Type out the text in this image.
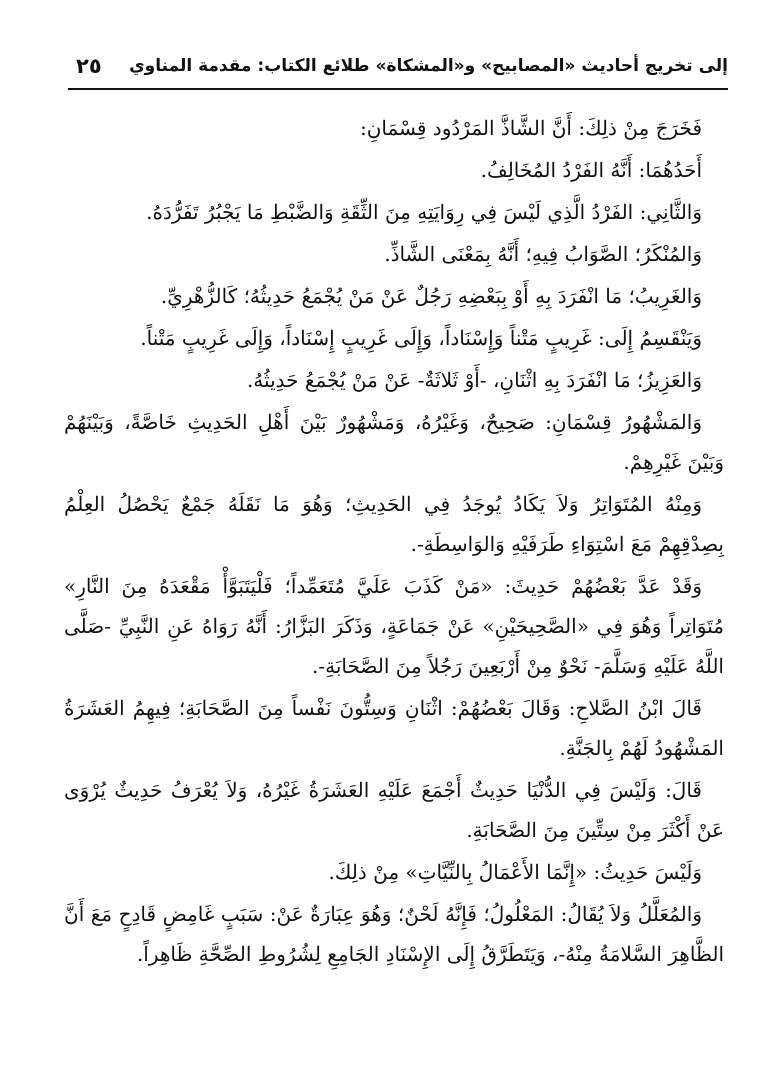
إلى تخريج أحاديث «المصابيح» و«المشكاة» طلائع الكتاب: مقدمة المناوي
٢٥

فَخَرَجَ مِنْ ذلِكَ: أَنَّ الشَّاذَّ المَرْدُود قِسْمَانِ:

أَحَدُهُمَا: أَنَّهُ الفَرْدُ المُخَالِفُ.

وَالثَّانِي: الفَرْدُ الَّذِي لَيْسَ فِي رِوَايَتِهِ مِنَ الثِّقَةِ وَالضَّبْطِ مَا يَجْبُرُ تَفَرُّدَهُ.

وَالمُنْكَرُ؛ الصَّوَابُ فِيهِ؛ أَنَّهُ بِمَعْنَى الشَّاذِّ.

وَالغَرِيبُ؛ مَا انْفَرَدَ بِهِ أَوْ بِبَعْضِهِ رَجُلٌ عَنْ مَنْ يُجْمَعُ حَدِيثُهُ؛ كَالزُّهْرِيِّ.

وَيَنْقَسِمُ إِلَى: غَرِيبٍ مَتْناً وَإِسْنَاداً، وَإِلَى غَرِيبٍ إِسْنَاداً، وَإِلَى غَرِيبٍ مَتْناً.

وَالعَزِيزُ؛ مَا انْفَرَدَ بِهِ اثْنَانِ، -أَوْ ثَلاثَةٌ- عَنْ مَنْ يُجْمَعُ حَدِيثُهُ.

وَالمَشْهُورُ قِسْمَانِ: صَحِيحٌ، وَغَيْرُهُ، وَمَشْهُورٌ بَيْنَ أَهْلِ الحَدِيثِ خَاصَّةً، وَبَيْنَهُمْ وَبَيْنَ غَيْرِهِمْ.

وَمِنْهُ المُتَوَاتِرُ وَلاَ يَكَادُ يُوجَدُ فِي الحَدِيثِ؛ وَهُوَ مَا نَقَلَهُ جَمْعٌ يَحْصُلُ العِلْمُ بِصِدْقِهِمْ مَعَ اسْتِوَاءِ طَرَفَيْهِ وَالوَاسِطَةِ-.

وَقَدْ عَدَّ بَعْضُهُمْ حَدِيثَ: «مَنْ كَذَبَ عَلَيَّ مُتَعَمِّداً؛ فَلْيَتَبَوَّأْ مَقْعَدَهُ مِنَ النَّارِ» مُتَوَاتِراً وَهُوَ فِي «الصَّحِيحَيْنِ» عَنْ جَمَاعَةٍ، وَذَكَرَ البَزَّارُ: أَنَّهُ رَوَاهُ عَنِ النَّبِيِّ -صَلَّى اللَّهُ عَلَيْهِ وَسَلَّمَ- نَحْوٌ مِنْ أَرْبَعِينَ رَجُلاً مِنَ الصَّحَابَةِ-.

قَالَ ابْنُ الصَّلاحِ: وَقَالَ بَعْضُهُمْ: اثْنَانِ وَسِتُّونَ نَفْساً مِنَ الصَّحَابَةِ؛ فِيهِمُ العَشَرَةُ المَشْهُودُ لَهُمْ بِالجَنَّةِ.

قَالَ: وَلَيْسَ فِي الدُّنْيَا حَدِيثٌ أَجْمَعَ عَلَيْهِ العَشَرَةُ غَيْرُهُ، وَلاَ يُعْرَفُ حَدِيثٌ يُرْوَى عَنْ أَكْثَرَ مِنْ سِتِّينَ مِنَ الصَّحَابَةِ.

وَلَيْسَ حَدِيثُ: «إِنَّمَا الأَعْمَالُ بِالنِّيَّاتِ» مِنْ ذلِكَ.

وَالمُعَلَّلُ وَلاَ يُقَالُ: المَعْلُولُ؛ فَإِنَّهُ لَحْنٌ؛ وَهُوَ عِبَارَةٌ عَنْ: سَبَبٍ غَامِضٍ قَادِحٍ مَعَ أَنَّ الظَّاهِرَ السَّلامَةُ مِنْهُ-، وَيَتَطَرَّقُ إِلَى الإِسْنَادِ الجَامِعِ لِشُرُوطِ الصِّحَّةِ ظَاهِراً.
